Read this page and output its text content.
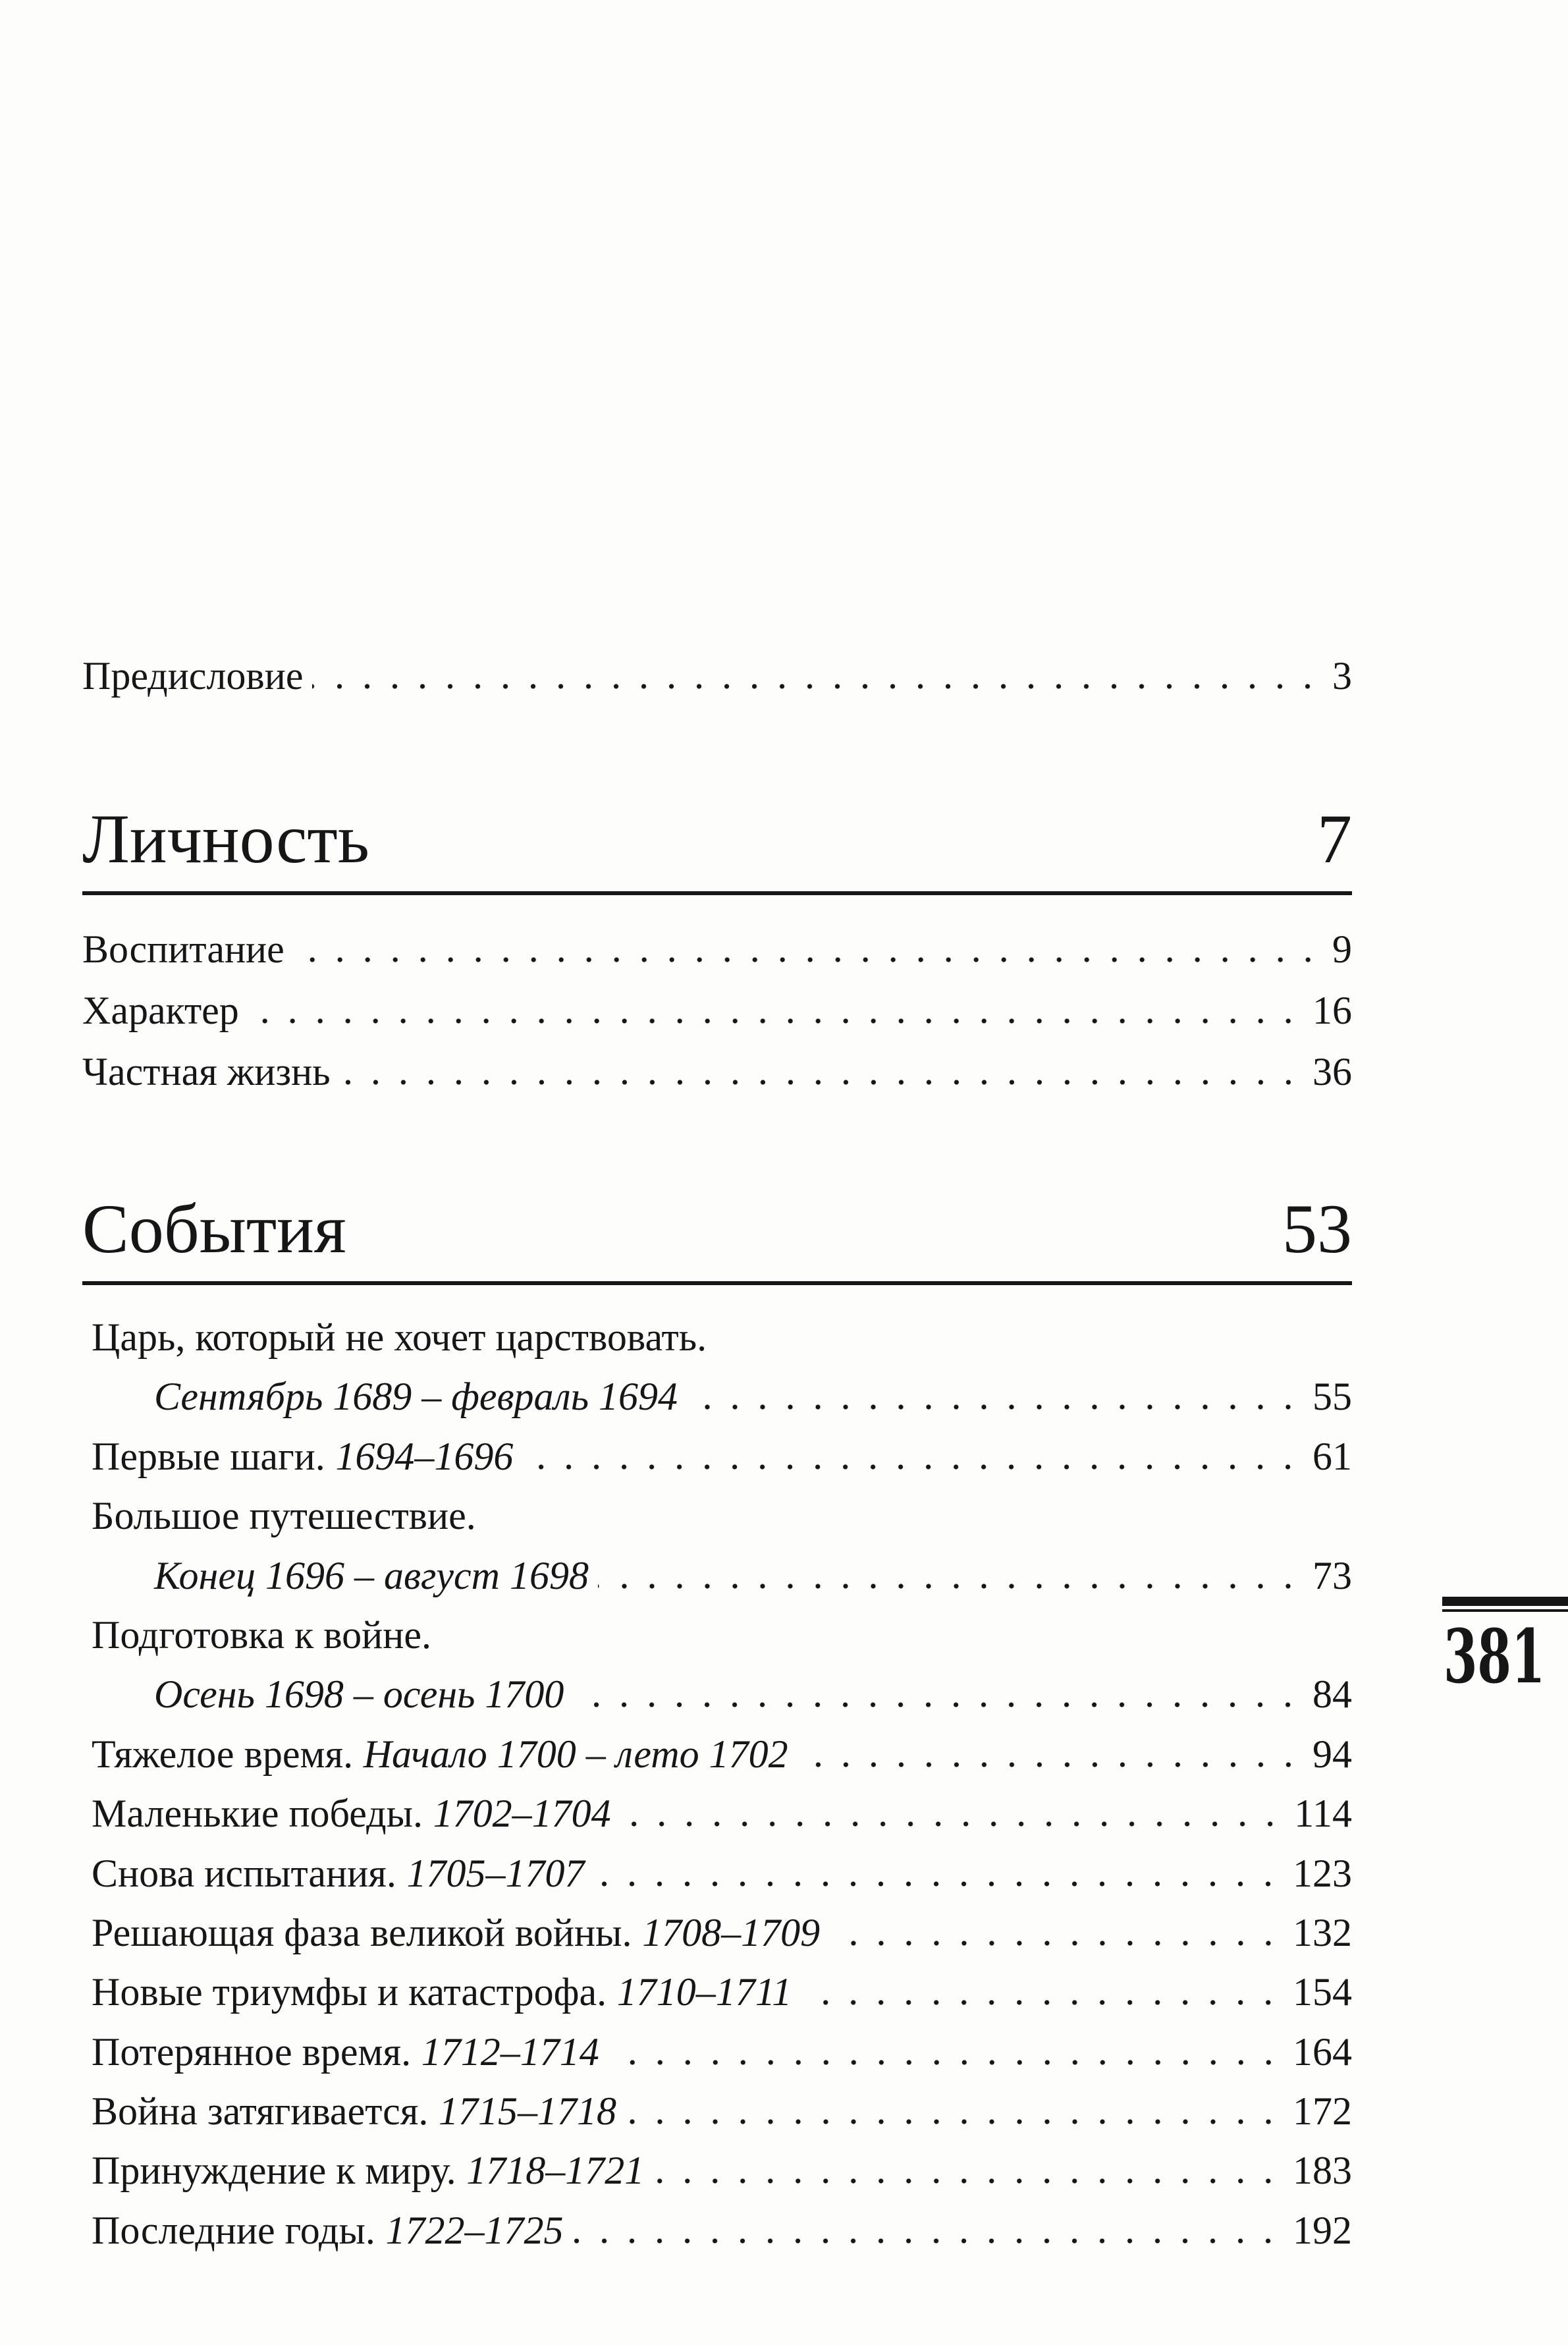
Предисловие	3
Личность	7
Воспитание	9
Характер	16
Частная жизнь	36
События	53
Царь, который не хочет царствовать.
Сентябрь 1689 – февраль 1694	55
Первые шаги. 1694–1696	61
Большое путешествие.
Конец 1696 – август 1698	73
Подготовка к войне.
Осень 1698 – осень 1700	84
Тяжелое время. Начало 1700 – лето 1702	94
Маленькие победы. 1702–1704	114
Снова испытания. 1705–1707	123
Решающая фаза великой войны. 1708–1709	132
Новые триумфы и катастрофа. 1710–1711	154
Потерянное время. 1712–1714	164
Война затягивается. 1715–1718	172
Принуждение к миру. 1718–1721	183
Последние годы. 1722–1725	192
381
